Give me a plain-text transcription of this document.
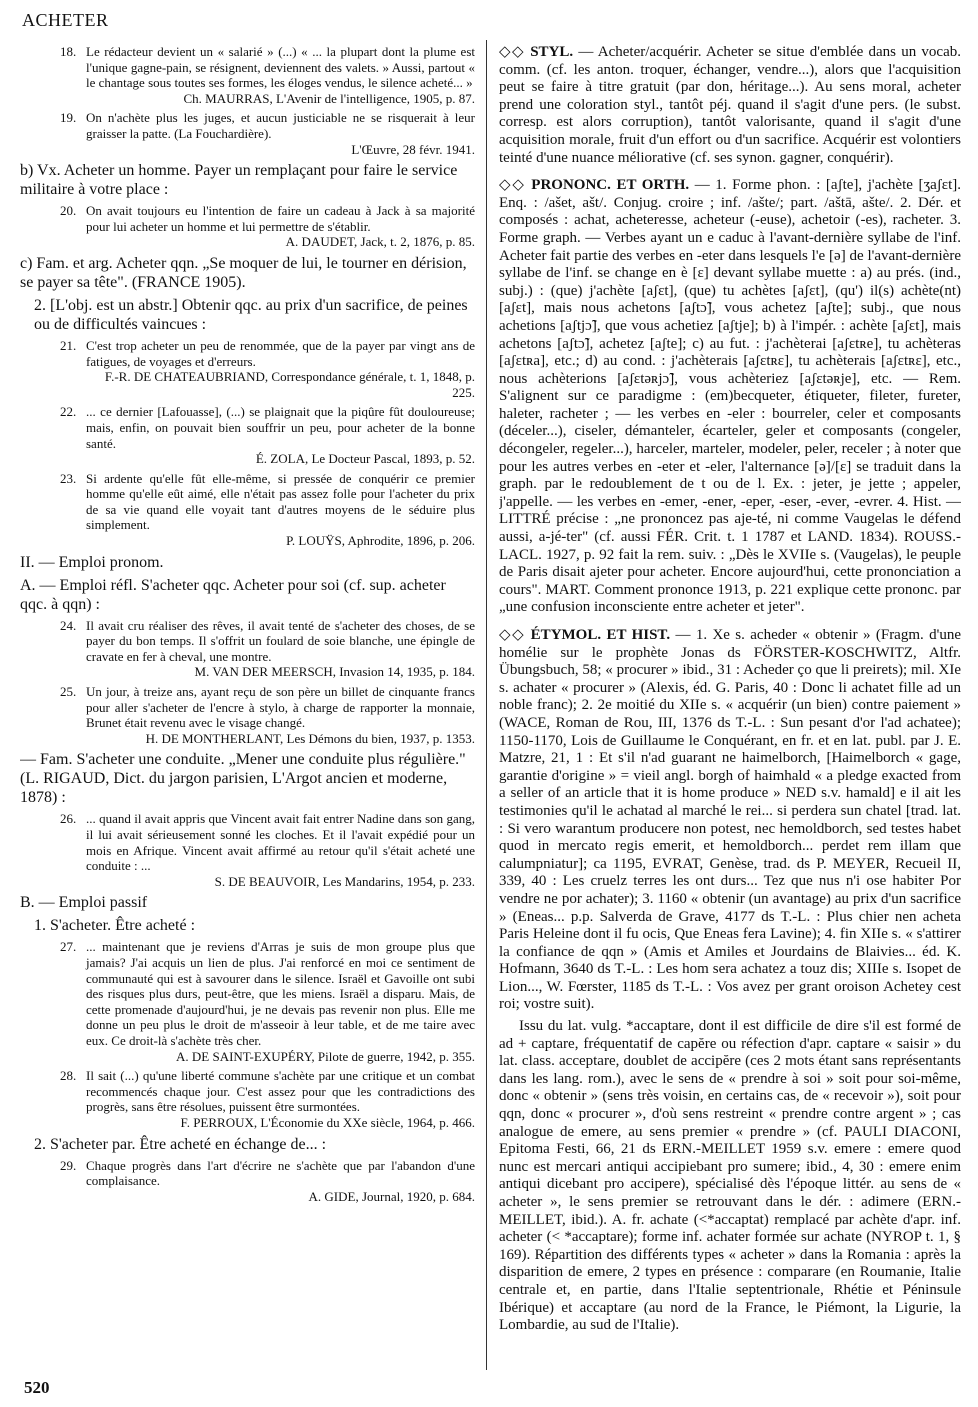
ACHETER
18. Le rédacteur devient un « salarié » (...) « ... la plupart dont la plume est l'unique gagne-pain, se résignent, deviennent des valets. » Aussi, partout « le chantage sous toutes ses formes, les éloges vendus, le silence acheté... »
Ch. MAURRAS, L'Avenir de l'intelligence, 1905, p. 87.
19. On n'achète plus les juges, et aucun justiciable ne se risquerait à leur graisser la patte. (La Fouchardière).
L'Œuvre, 28 févr. 1941.

b) Vx. Acheter un homme. Payer un remplaçant pour faire le service militaire à votre place :

20. On avait toujours eu l'intention de faire un cadeau à Jack à sa majorité pour lui acheter un homme et lui permettre de s'établir.
A. DAUDET, Jack, t. 2, 1876, p. 85.

c) Fam. et arg. Acheter qqn. „Se moquer de lui, le tourner en dérision, se payer sa tête". (FRANCE 1905).

2. [L'obj. est un abstr.] Obtenir qqc. au prix d'un sacrifice, de peines ou de difficultés vaincues :

21. C'est trop acheter un peu de renommée, que de la payer par vingt ans de fatigues, de voyages et d'erreurs.
F.-R. DE CHATEAUBRIAND, Correspondance générale, t. 1, 1848, p. 225.
22. ... ce dernier [Lafouasse], (...) se plaignait que la piqûre fût douloureuse; mais, enfin, on pouvait bien souffrir un peu, pour acheter de la bonne santé.
É. ZOLA, Le Docteur Pascal, 1893, p. 52.
23. Si ardente qu'elle fût elle-même, si pressée de conquérir ce premier homme qu'elle eût aimé, elle n'était pas assez folle pour l'acheter du prix de sa vie quand elle voyait tant d'autres moyens de le séduire plus simplement.
P. LOUŸS, Aphrodite, 1896, p. 206.

II. — Emploi pronom.

A. — Emploi réfl. S'acheter qqc. Acheter pour soi (cf. sup. acheter qqc. à qqn) :

24. Il avait cru réaliser des rêves, il avait tenté de s'acheter des choses, de se payer du bon temps. Il s'offrit un foulard de soie blanche, une épingle de cravate en fer à cheval, une montre.
M. VAN DER MEERSCH, Invasion 14, 1935, p. 184.
25. Un jour, à treize ans, ayant reçu de son père un billet de cinquante francs pour aller s'acheter de l'encre à stylo, à charge de rapporter la monnaie, Brunet était revenu avec le visage changé.
H. DE MONTHERLANT, Les Démons du bien, 1937, p. 1353.

— Fam. S'acheter une conduite. „Mener une conduite plus régulière." (L. RIGAUD, Dict. du jargon parisien, L'Argot ancien et moderne, 1878) :

26. ... quand il avait appris que Vincent avait fait entrer Nadine dans son gang, il lui avait sérieusement sonné les cloches. Et il l'avait expédié pour un mois en Afrique. Vincent avait affirmé au retour qu'il s'était acheté une conduite : ...
S. DE BEAUVOIR, Les Mandarins, 1954, p. 233.

B. — Emploi passif

1. S'acheter. Être acheté :

27. ... maintenant que je reviens d'Arras je suis de mon groupe plus que jamais? J'ai acquis un lien de plus. J'ai renforcé en moi ce sentiment de communauté qui est à savourer dans le silence. Israël et Gavoille ont subi des risques plus durs, peut-être, que les miens. Israël a disparu. Mais, de cette promenade d'aujourd'hui, je ne devais pas revenir non plus. Elle me donne un peu plus le droit de m'asseoir à leur table, et de me taire avec eux. Ce droit-là s'achète très cher.
A. DE SAINT-EXUPÉRY, Pilote de guerre, 1942, p. 355.
28. Il sait (...) qu'une liberté commune s'achète par une critique et un combat recommencés chaque jour. C'est assez pour que les contradictions des progrès, sans être résolues, puissent être surmontées.
F. PERROUX, L'Économie du XXe siècle, 1964, p. 466.

2. S'acheter par. Être acheté en échange de... :

29. Chaque progrès dans l'art d'écrire ne s'achète que par l'abandon d'une complaisance.
A. GIDE, Journal, 1920, p. 684.
◇◇ STYL. — Acheter/acquérir. Acheter se situe d'emblée dans un vocab. comm. (cf. les anton. troquer, échanger, vendre...), alors que l'acquisition peut se faire à titre gratuit (par don, héritage...). Au sens moral, acheter prend une coloration styl., tantôt péj. quand il s'agit d'une pers. (le subst. corresp. est alors corruption), tantôt valorisante, quand il s'agit d'une acquisition morale, fruit d'un effort ou d'un sacrifice. Acquérir est volontiers teinté d'une nuance méliorative (cf. ses synon. gagner, conquérir).
◇◇ PRONONC. ET ORTH. — 1. Forme phon. : [aʃte], j'achète [ʒaʃɛt]. Enq. : /ašet, ašt/. Conjug. croire ; inf. /ašte/; part. /aštā, ašte/. 2. Dér. et composés : achat, acheteresse, acheteur (-euse), achetoir (-es), racheter. 3. Forme graph. — Verbes ayant un e caduc à l'avant-dernière syllabe de l'inf. Acheter fait partie des verbes en -eter dans lesquels l'e [ə] de l'avant-dernière syllabe de l'inf. se change en è [ɛ] devant syllabe muette : a) au prés. (ind., subj.) : (que) j'achète [aʃɛt], (que) tu achètes [aʃɛt], (qu') il(s) achète(nt) [aʃɛt], mais nous achetons [aʃtɔ̃], vous achetez [aʃte]; subj., que nous achetions [aʃtjɔ̃], que vous achetiez [aʃtje]; b) à l'impér. : achète [aʃɛt], mais achetons [aʃtɔ̃], achetez [aʃte]; c) au fut. : j'achèterai [aʃɛtʀe], tu achèteras [aʃɛtʀa], etc.; d) au cond. : j'achèterais [aʃɛtʀɛ], tu achèterais [aʃɛtʀɛ], etc., nous achèterions [aʃɛtəʀjɔ̃], vous achèteriez [aʃɛtəʀje], etc. — Rem. S'alignent sur ce paradigme : (em)becqueter, étiqueter, fileter, fureter, haleter, racheter ; — les verbes en -eler : bourreler, celer et composants (déceler...), ciseler, démanteler, écarteler, geler et composants (congeler, décongeler, regeler...), harceler, marteler, modeler, peler, receler ; à noter que pour les autres verbes en -eter et -eler, l'alternance [ə]/[ɛ] se traduit dans la graph. par le redoublement de t ou de l. Ex. : jeter, je jette ; appeler, j'appelle. — les verbes en -emer, -ener, -eper, -eser, -ever, -evrer. 4. Hist. — LITTRÉ précise : „ne prononcez pas aje-té, ni comme Vaugelas le défend aussi, a-jé-ter" (cf. aussi FÉR. Crit. t. 1 1787 et LAND. 1834). ROUSS.-LACL. 1927, p. 92 fait la rem. suiv. : „Dès le XVIIe s. (Vaugelas), le peuple de Paris disait ajeter pour acheter. Encore aujourd'hui, cette prononciation a cours". MART. Comment prononce 1913, p. 221 explique cette prononc. par „une confusion inconsciente entre acheter et jeter".
◇◇ ÉTYMOL. ET HIST. — 1. Xe s. acheder « obtenir » (Fragm. d'une homélie sur le prophète Jonas ds FÖRSTER-KOSCHWITZ, Altfr. Übungsbuch, 58; « procurer » ibid., 31 : Acheder ço que li preirets); mil. XIe s. achater « procurer » (Alexis, éd. G. Paris, 40 : Donc li achatet fille ad un noble franc); 2. 2e moitié du XIIe s. « acquérir (un bien) contre paiement » (WACE, Roman de Rou, III, 1376 ds T.-L. : Sun pesant d'or l'ad achatee); 1150-1170, Lois de Guillaume le Conquérant, en fr. et en lat. publ. par J. E. Matzre, 21, 1 : Et s'il n'ad guarant ne haimelborch, [Haimelborch « gage, garantie d'origine » = vieil angl. borgh of haimhald « a pledge exacted from a seller of an article that it is home produce » NED s.v. hamald] e il ait les testimonies qu'il le achatad al marché le rei... si perdera sun chatel [trad. lat. : Si vero warantum producere non potest, nec hemoldborch, sed testes habet quod in mercato regis emerit, et hemoldborch... perdet rem illam que calumpniatur]; ca 1195, EVRAT, Genèse, trad. ds P. MEYER, Recueil II, 339, 40 : Les cruelz terres les ont durs... Tez que nus n'i ose habiter Por vendre ne por achater); 3. 1160 « obtenir (un avantage) au prix d'un sacrifice » (Eneas... p.p. Salverda de Grave, 4177 ds T.-L. : Plus chier nen acheta Paris Heleine dont il fu ocis, Que Eneas fera Lavine); 4. fin XIIe s. « s'attirer la confiance de qqn » (Amis et Amiles et Jourdains de Blaivies... éd. K. Hofmann, 3640 ds T.-L. : Les hom sera achatez a touz dis; XIIIe s. Isopet de Lion..., W. Fœrster, 1185 ds T.-L. : Vos avez per grant oroison Achetey cest roi; vostre suit).
Issu du lat. vulg. *accaptare, dont il est difficile de dire s'il est formé de ad + captare, fréquentatif de capĕre ou réfection d'apr. captare « saisir » du lat. class. acceptare, doublet de accipĕre (ces 2 mots étant sans représentants dans les lang. rom.), avec le sens de « prendre à soi » soit pour soi-même, donc « obtenir » (sens très voisin, en certains cas, de « recevoir »), soit pour qqn, donc « procurer », d'où sens restreint « prendre contre argent » ; cas analogue de emere, au sens premier « prendre » (cf. PAULI DIACONI, Epitoma Festi, 66, 21 ds ERN.-MEILLET 1959 s.v. emere : emere quod nunc est mercari antiqui accipiebant pro sumere; ibid., 4, 30 : emere enim antiqui dicebant pro accipere), spécialisé dès l'époque littér. au sens de « acheter », le sens premier se retrouvant dans le dér. : adimere (ERN.-MEILLET, ibid.). A. fr. achate (<*accaptat) remplacé par achète d'apr. inf. acheter (< *accaptare); forme inf. achater formée sur achate (NYROP t. 1, § 169). Répartition des différents types « acheter » dans la Romania : après la disparition de emere, 2 types en présence : comparare (en Roumanie, Italie centrale et, en partie, dans l'Italie septentrionale, Rhétie et Péninsule Ibérique) et accaptare (au nord de la France, le Piémont, la Ligurie, la Lombardie, au sud de l'Italie).
520
